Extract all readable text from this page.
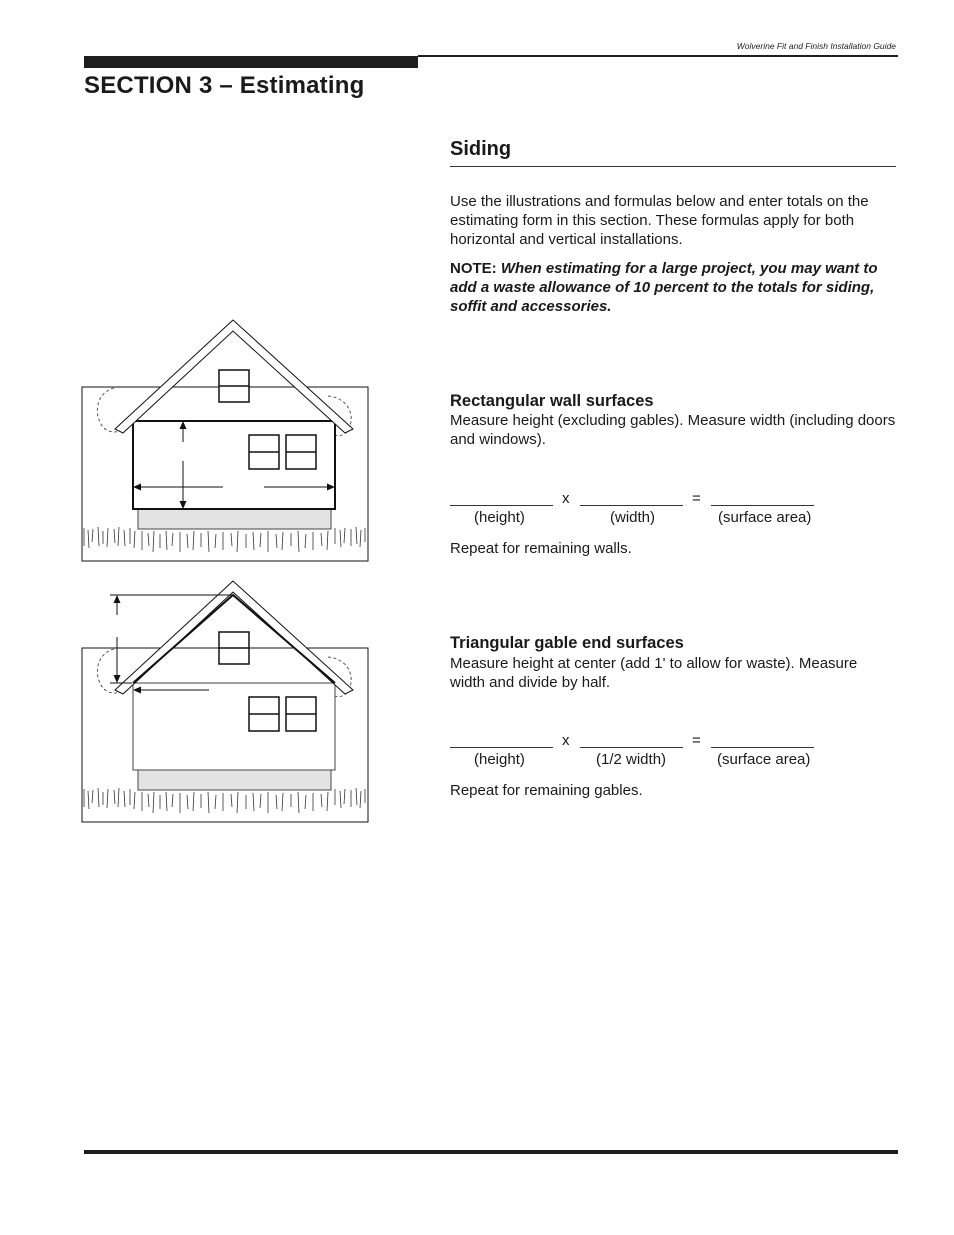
Wolverine Fit and Finish Installation Guide
SECTION 3 – Estimating
Siding
Use the illustrations and formulas below and enter totals on the estimating form in this section. These formulas apply for both horizontal and vertical installations.
NOTE: When estimating for a large project, you may want to add a waste allowance of 10 percent to the totals for siding, soffit and accessories.
Rectangular wall surfaces
Measure height (excluding gables). Measure width (including doors and windows).
x	=
(height)	(width)	(surface area)
Repeat for remaining walls.
Triangular gable end surfaces
Measure height at center (add 1' to allow for waste). Measure width and divide by half.
x	=
(height)	(1/2 width)	(surface area)
Repeat for remaining gables.
